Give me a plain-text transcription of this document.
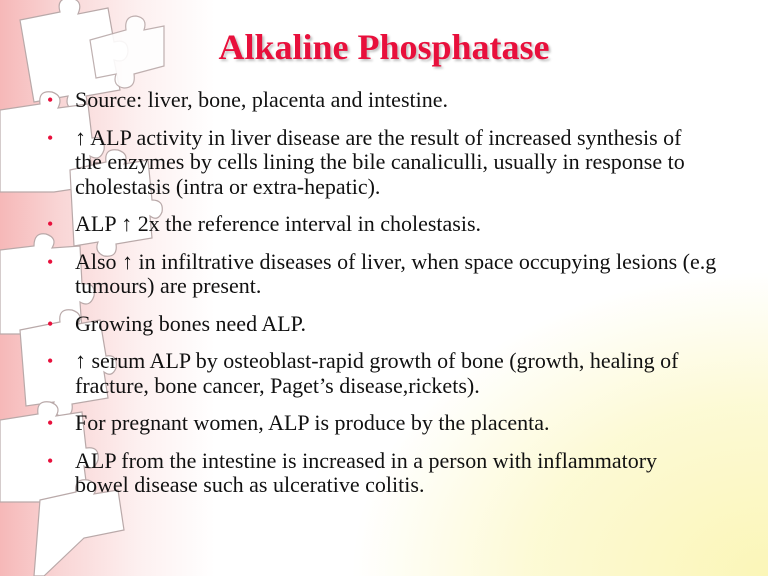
Alkaline Phosphatase
• Source: liver, bone, placenta and intestine.
• ↑ ALP activity in liver disease are the result of increased synthesis of the enzymes by cells lining the bile canaliculli, usually in response to cholestasis (intra or extra-hepatic).
• ALP ↑ 2x the reference interval in cholestasis.
• Also ↑ in infiltrative diseases of liver, when space occupying lesions (e.g tumours) are present.
• Growing bones need ALP.
• ↑ serum ALP by osteoblast-rapid growth of bone (growth, healing of fracture, bone cancer, Paget’s disease,rickets).
• For pregnant women, ALP is produce by the placenta.
• ALP from the intestine is increased in a person with inflammatory bowel disease such as ulcerative colitis.
